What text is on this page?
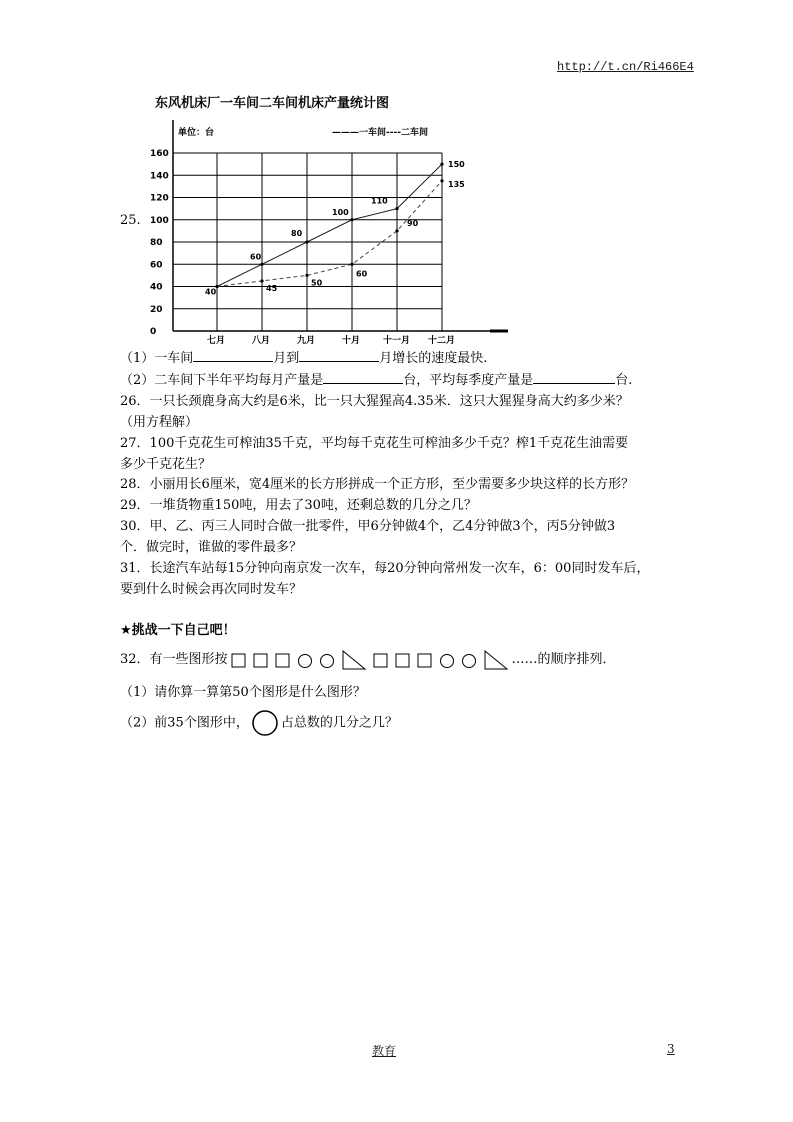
http://t.cn/Ri466E4
25.
东风机床厂一车间二车间机床产量统计图
单位：台	———一车间----二车间
0
20
40
60
80
100
120
140
160
七月	八月	九月	十月	十一月 十二月
40
60
80
100
110
150
45
50
60
90
135
（1）一车间	月到	月增长的速度最快.
（2）二车间下半年平均每月产量是	台，平均每季度产量是	台.
26．一只长颈鹿身高大约是6米，比一只大猩猩高4.35米．这只大猩猩身高大约多少米？
（用方程解）
27．100千克花生可榨油35千克，平均每千克花生可榨油多少千克？榨1千克花生油需要
多少千克花生？
28．小丽用长6厘米，宽4厘米的长方形拼成一个正方形，至少需要多少块这样的长方形？
29．一堆货物重150吨，用去了30吨，还剩总数的几分之几？
30．甲、乙、丙三人同时合做一批零件，甲6分钟做4个，乙4分钟做3个，丙5分钟做3
个．做完时，谁做的零件最多？
31．长途汽车站每15分钟向南京发一次车，每20分钟向常州发一次车，6：00同时发车后，
要到什么时候会再次同时发车？
★挑战一下自己吧！
32．有一些图形按	……的顺序排列．
（1）请你算一算第50个图形是什么图形？
（2）前35个图形中， 占总数的几分之几？
教育	3
